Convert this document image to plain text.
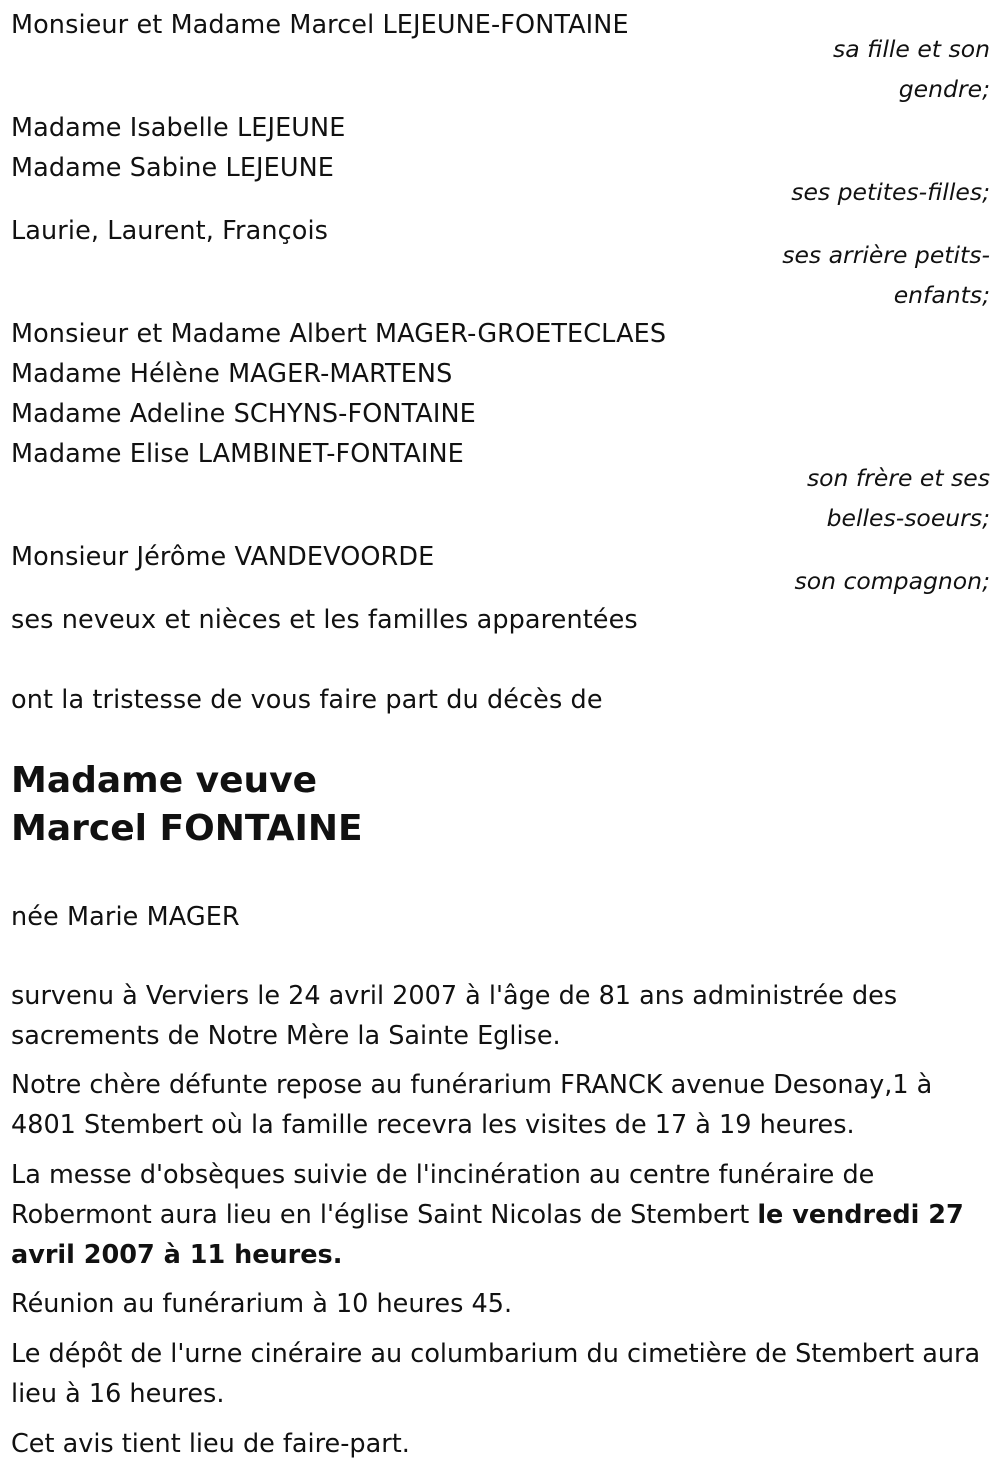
Monsieur et Madame Marcel LEJEUNE-FONTAINE
sa fille et son
gendre;
Madame Isabelle LEJEUNE
Madame Sabine LEJEUNE
ses petites-filles;
Laurie, Laurent, François
ses arrière petits-
enfants;
Monsieur et Madame Albert MAGER-GROETECLAES
Madame Hélène MAGER-MARTENS
Madame Adeline SCHYNS-FONTAINE
Madame Elise LAMBINET-FONTAINE
son frère et ses
belles-soeurs;
Monsieur Jérôme VANDEVOORDE
son compagnon;
ses neveux et nièces et les familles apparentées
ont la tristesse de vous faire part du décès de
Madame veuve
Marcel FONTAINE
née Marie MAGER
survenu à Verviers le 24 avril 2007 à l'âge de 81 ans administrée des sacrements de Notre Mère la Sainte Eglise.
Notre chère défunte repose au funérarium FRANCK avenue Desonay,1 à 4801 Stembert où la famille recevra les visites de 17 à 19 heures.
La messe d'obsèques suivie de l'incinération au centre funéraire de Robermont aura lieu en l'église Saint Nicolas de Stembert le vendredi 27 avril 2007 à 11 heures.
Réunion au funérarium à 10 heures 45.
Le dépôt de l'urne cinéraire au columbarium du cimetière de Stembert aura lieu à 16 heures.
Cet avis tient lieu de faire-part.
